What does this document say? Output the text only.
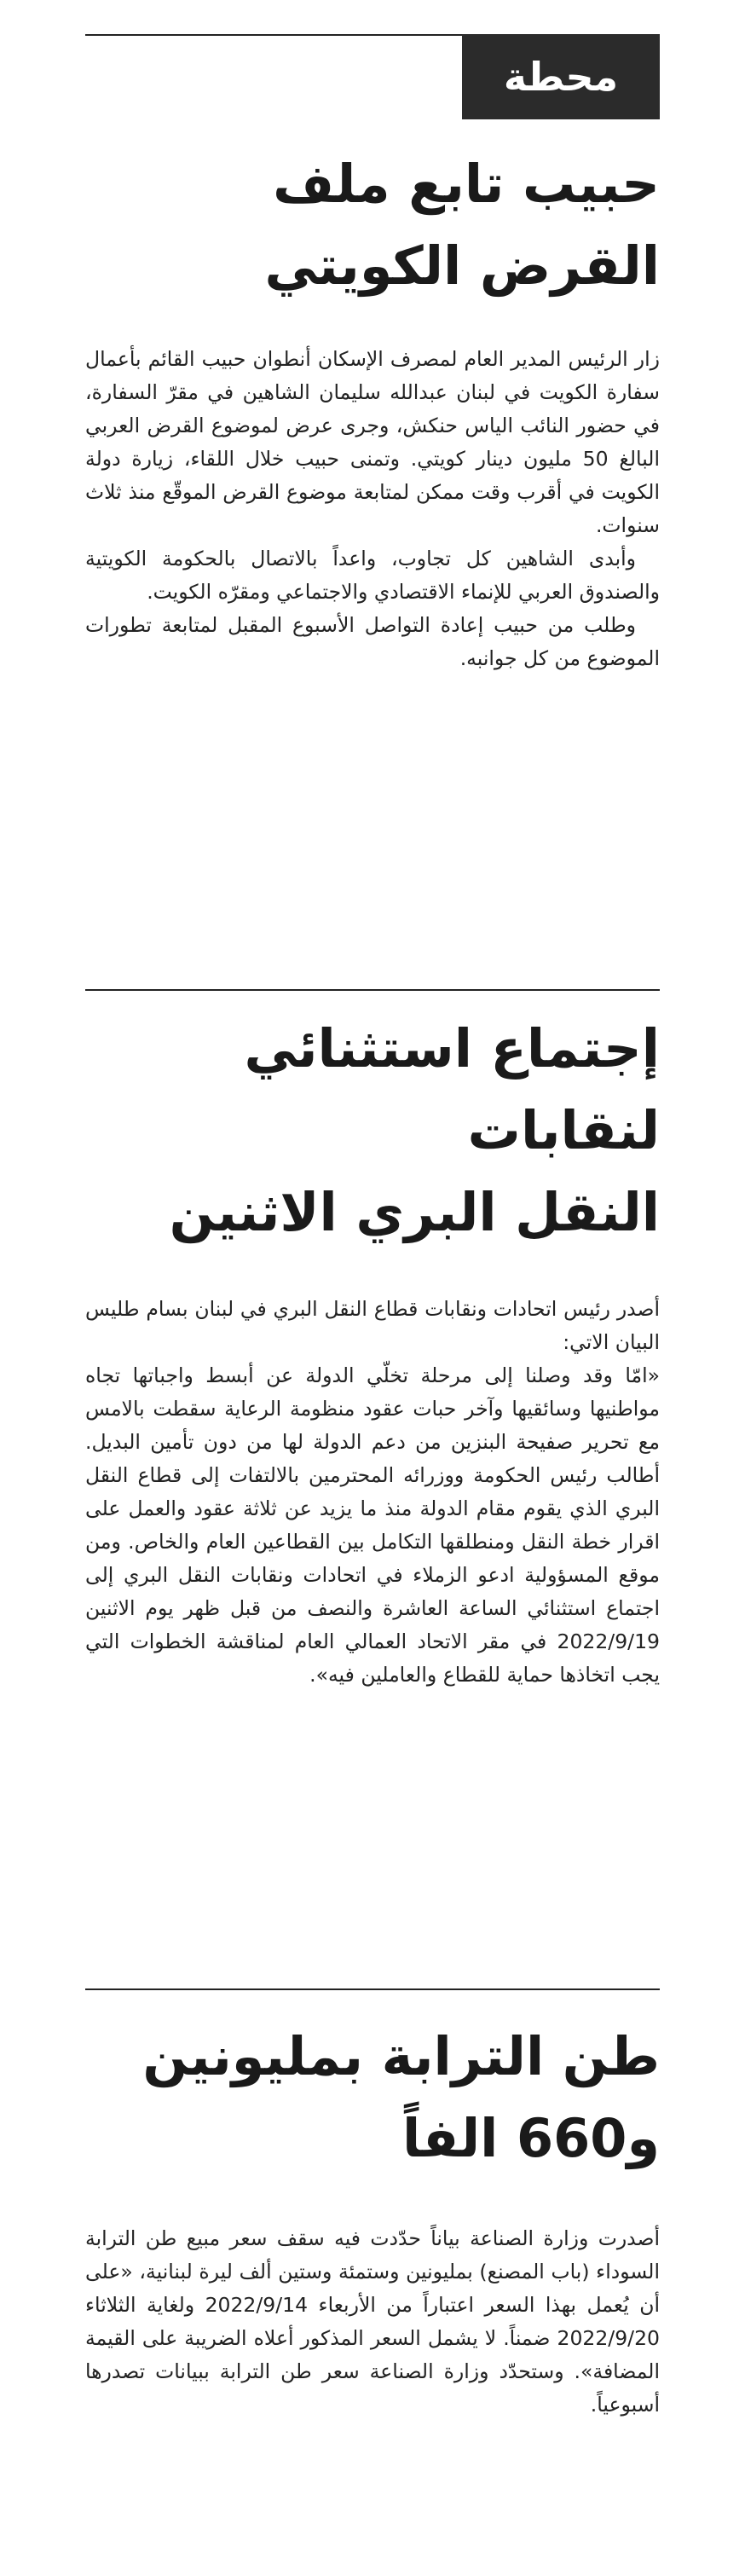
محطة
حبيب تابع ملف
القرض الكويتي

زار الرئيس المدير العام لمصرف الإسكان أنطوان حبيب القائم بأعمال سفارة الكويت في لبنان عبدالله سليمان الشاهين في مقرّ السفارة، في حضور النائب الياس حنكش، وجرى عرض لموضوع القرض العربي البالغ 50 مليون دينار كويتي. وتمنى حبيب خلال اللقاء، زيارة دولة الكويت في أقرب وقت ممكن لمتابعة موضوع القرض الموقّع منذ ثلاث سنوات.

وأبدى الشاهين كل تجاوب، واعداً بالاتصال بالحكومة الكويتية والصندوق العربي للإنماء الاقتصادي والاجتماعي ومقرّه الكويت.

وطلب من حبيب إعادة التواصل الأسبوع المقبل لمتابعة تطورات الموضوع من كل جوانبه.

إجتماع استثنائي لنقابات
النقل البري الاثنين

أصدر رئيس اتحادات ونقابات قطاع النقل البري في لبنان بسام طليس البيان الاتي:

«امّا وقد وصلنا إلى مرحلة تخلّي الدولة عن أبسط واجباتها تجاه مواطنيها وسائقيها وآخر حبات عقود منظومة الرعاية سقطت بالامس مع تحرير صفيحة البنزين من دعم الدولة لها من دون تأمين البديل. أطالب رئيس الحكومة ووزرائه المحترمين بالالتفات إلى قطاع النقل البري الذي يقوم مقام الدولة منذ ما يزيد عن ثلاثة عقود والعمل على اقرار خطة النقل ومنطلقها التكامل بين القطاعين العام والخاص. ومن موقع المسؤولية ادعو الزملاء في اتحادات ونقابات النقل البري إلى اجتماع استثنائي الساعة العاشرة والنصف من قبل ظهر يوم الاثنين 2022/9/19 في مقر الاتحاد العمالي العام لمناقشة الخطوات التي يجب اتخاذها حماية للقطاع والعاملين فيه».

طن الترابة بمليونين
و660 الفاً

أصدرت وزارة الصناعة بياناً حدّدت فيه سقف سعر مبيع طن الترابة السوداء (باب المصنع) بمليونين وستمئة وستين ألف ليرة لبنانية، «على أن يُعمل بهذا السعر اعتباراً من الأربعاء 2022/9/14 ولغاية الثلاثاء 2022/9/20 ضمناً. لا يشمل السعر المذكور أعلاه الضريبة على القيمة المضافة». وستحدّد وزارة الصناعة سعر طن الترابة ببيانات تصدرها أسبوعياً.
